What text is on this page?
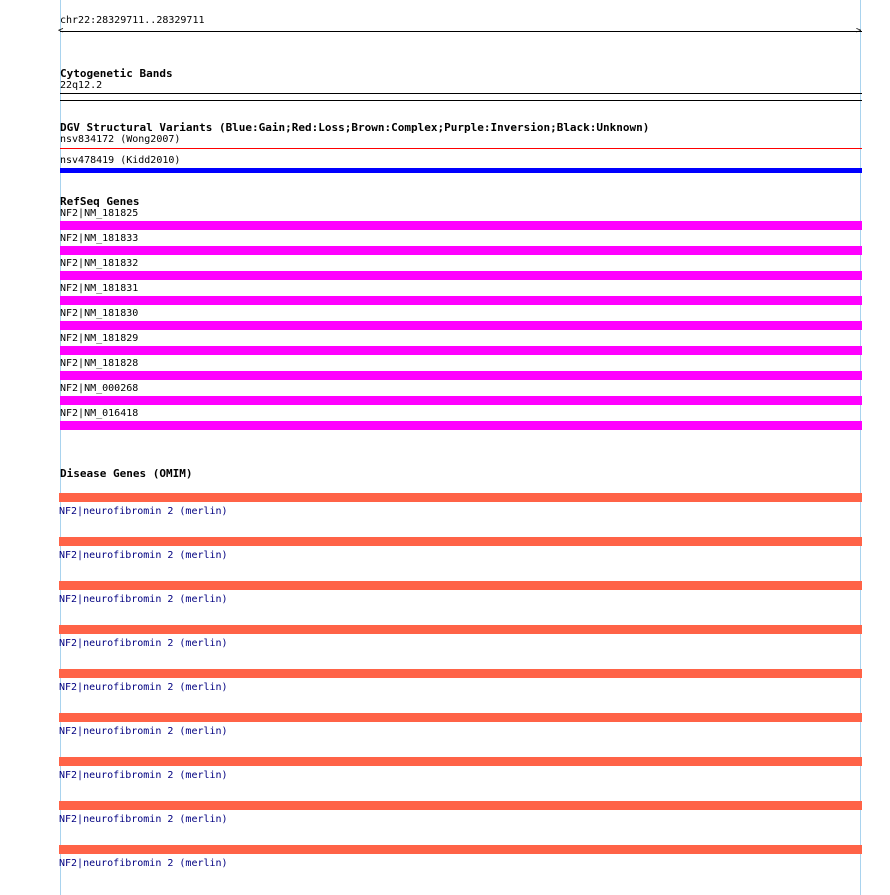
chr22:28329711..28329711
<	>
Cytogenetic Bands
22q12.2
DGV Structural Variants (Blue:Gain;Red:Loss;Brown:Complex;Purple:Inversion;Black:Unknown)
nsv834172 (Wong2007)
nsv478419 (Kidd2010)
RefSeq Genes
NF2|NM_181825
NF2|NM_181833
NF2|NM_181832
NF2|NM_181831
NF2|NM_181830
NF2|NM_181829
NF2|NM_181828
NF2|NM_000268
NF2|NM_016418
Disease Genes (OMIM)
NF2|neurofibromin 2 (merlin)
NF2|neurofibromin 2 (merlin)
NF2|neurofibromin 2 (merlin)
NF2|neurofibromin 2 (merlin)
NF2|neurofibromin 2 (merlin)
NF2|neurofibromin 2 (merlin)
NF2|neurofibromin 2 (merlin)
NF2|neurofibromin 2 (merlin)
NF2|neurofibromin 2 (merlin)
